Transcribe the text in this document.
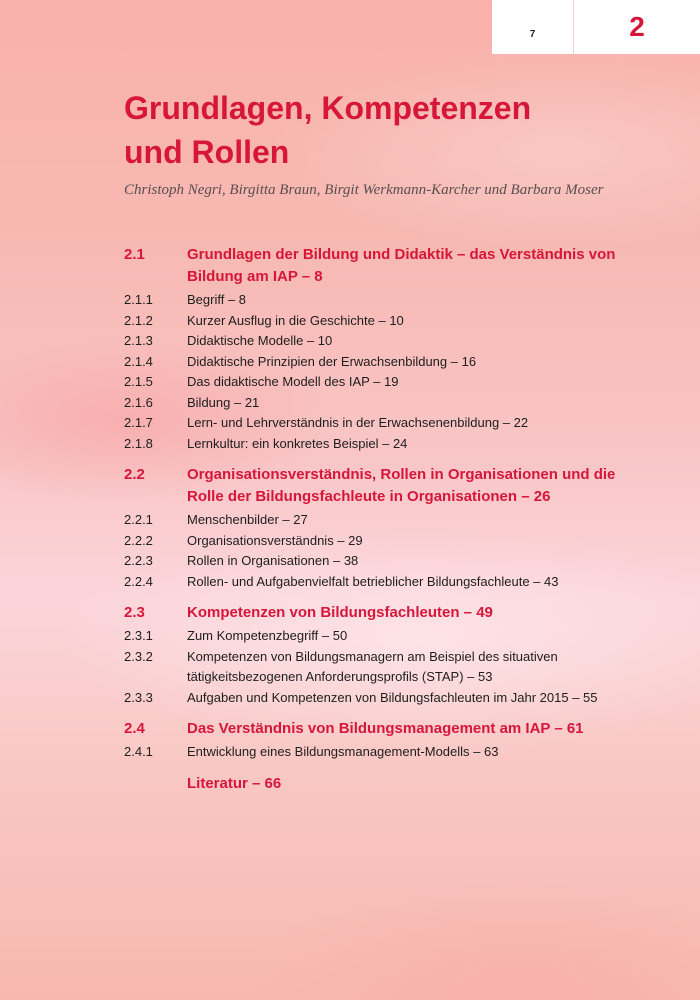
7	2
Grundlagen, Kompetenzen
und Rollen

Christoph Negri, Birgitta Braun, Birgit Werkmann-Karcher und Barbara Moser

2.1	Grundlagen der Bildung und Didaktik – das Verständnis von
Bildung am IAP – 8
2.1.1	Begriff – 8
2.1.2	Kurzer Ausflug in die Geschichte – 10
2.1.3	Didaktische Modelle – 10
2.1.4	Didaktische Prinzipien der Erwachsenbildung – 16
2.1.5	Das didaktische Modell des IAP – 19
2.1.6	Bildung – 21
2.1.7	Lern- und Lehrverständnis in der Erwachsenenbildung – 22
2.1.8	Lernkultur: ein konkretes Beispiel – 24
2.2	Organisationsverständnis, Rollen in Organisationen und die
Rolle der Bildungsfachleute in Organisationen – 26
2.2.1	Menschenbilder – 27
2.2.2	Organisationsverständnis – 29
2.2.3	Rollen in Organisationen – 38
2.2.4	Rollen- und Aufgabenvielfalt betrieblicher Bildungsfachleute – 43
2.3	Kompetenzen von Bildungsfachleuten – 49
2.3.1	Zum Kompetenzbegriff – 50
2.3.2	Kompetenzen von Bildungsmanagern am Beispiel des situativen
tätigkeitsbezogenen Anforderungsprofils (STAP) – 53
2.3.3	Aufgaben und Kompetenzen von Bildungsfachleuten im Jahr 2015 – 55
2.4	Das Verständnis von Bildungsmanagement am IAP – 61
2.4.1	Entwicklung eines Bildungsmanagement-Modells – 63
Literatur – 66
